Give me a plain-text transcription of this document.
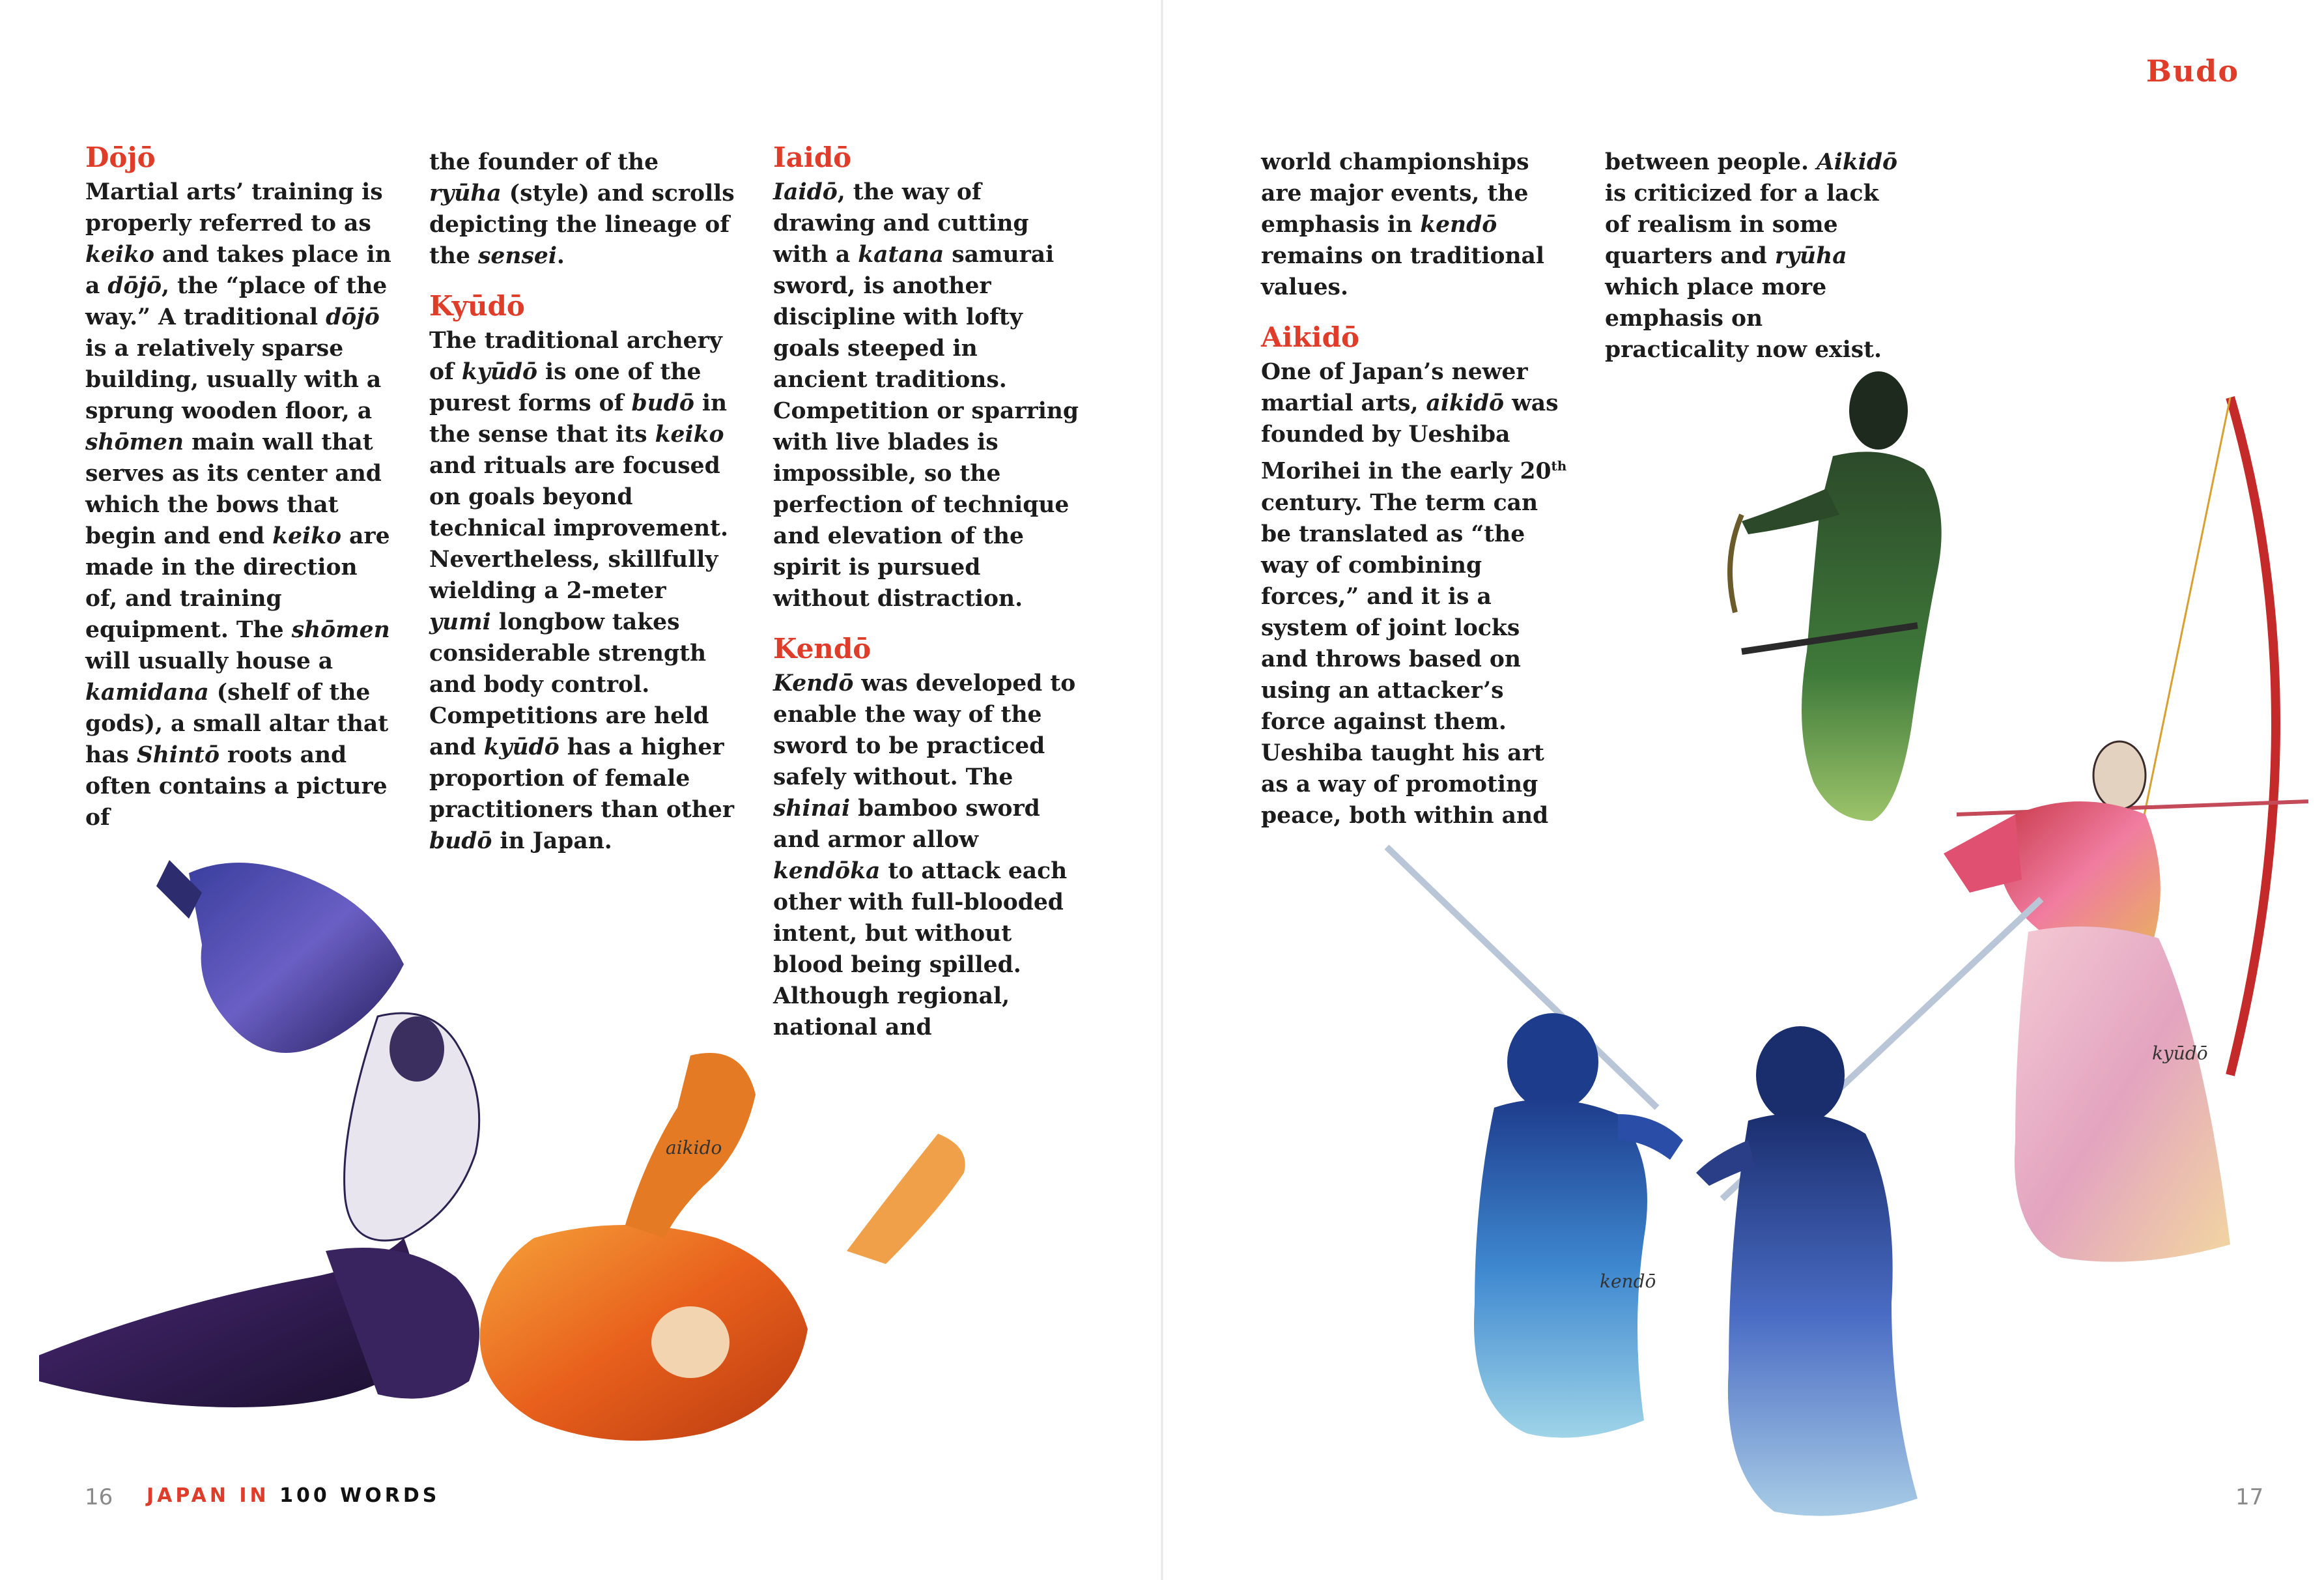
Dōjō

Martial arts’ training is properly referred to as keiko and takes place in a dōjō, the “place of the way.” A traditional dōjō is a relatively sparse building, usually with a sprung wooden floor, a shōmen main wall that serves as its center and which the bows that begin and end keiko are made in the direction of, and training equipment. The shōmen will usually house a kamidana (shelf of the gods), a small altar that has Shintō roots and often contains a picture of

the founder of the ryūha (style) and scrolls depicting the lineage of the sensei.

Kyūdō

The traditional archery of kyūdō is one of the purest forms of budō in the sense that its keiko and rituals are focused on goals beyond technical improvement. Nevertheless, skillfully wielding a 2-meter yumi longbow takes considerable strength and body control. Competitions are held and kyūdō has a higher proportion of female practitioners than other budō in Japan.

Iaidō

Iaidō, the way of drawing and cutting with a katana samurai sword, is another discipline with lofty goals steeped in ancient traditions. Competition or sparring with live blades is impossible, so the perfection of technique and elevation of the spirit is pursued without distraction.

Kendō

Kendō was developed to enable the way of the sword to be practiced safely without. The shinai bamboo sword and armor allow kendōka to attack each other with full-blooded intent, but without blood being spilled. Although regional, national and

aikido
16 JAPAN IN 100 WORDS
Budo

world championships are major events, the emphasis in kendō remains on traditional values.

Aikidō

One of Japan’s newer martial arts, aikidō was founded by Ueshiba Morihei in the early 20th century. The term can be translated as “the way of combining forces,” and it is a system of joint locks and throws based on using an attacker’s force against them. Ueshiba taught his art as a way of promoting peace, both within and

between people. Aikidō is criticized for a lack of realism in some quarters and ryūha which place more emphasis on practicality now exist.

kyūdō
kendō
17
